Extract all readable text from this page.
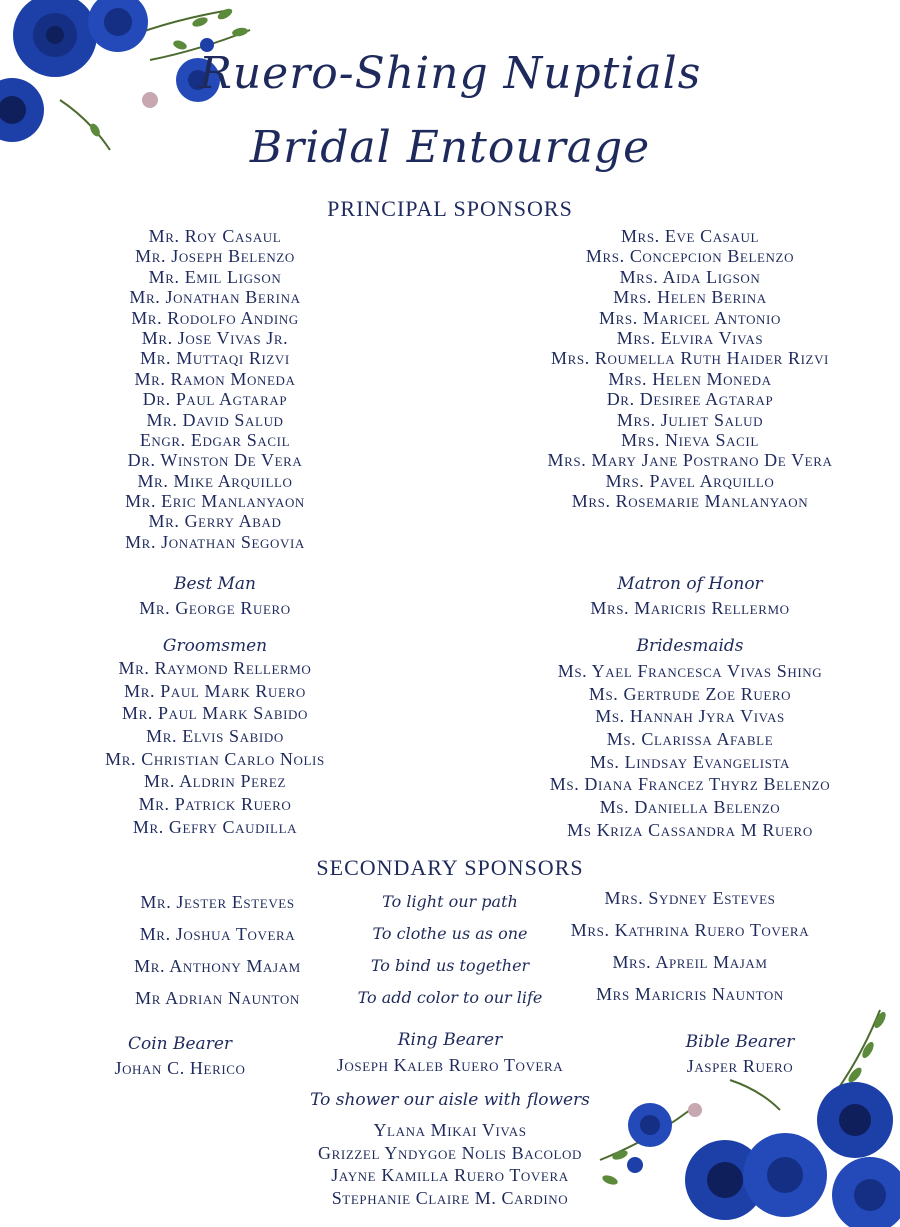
Ruero-Shing Nuptials
Bridal Entourage
PRINCIPAL SPONSORS
Mr. Roy Casaul
Mr. Joseph Belenzo
Mr. Emil Ligson
Mr. Jonathan Berina
Mr. Rodolfo Anding
Mr. Jose Vivas Jr.
Mr. Muttaqi Rizvi
Mr. Ramon Moneda
Dr. Paul Agtarap
Mr. David Salud
Engr. Edgar Sacil
Dr. Winston De Vera
Mr. Mike Arquillo
Mr. Eric Manlanyaon
Mr. Gerry Abad
Mr. Jonathan Segovia
Mrs. Eve Casaul
Mrs. Concepcion Belenzo
Mrs. Aida Ligson
Mrs. Helen Berina
Mrs. Maricel Antonio
Mrs. Elvira Vivas
Mrs. Roumella Ruth Haider Rizvi
Mrs. Helen Moneda
Dr. Desiree Agtarap
Mrs. Juliet Salud
Mrs. Nieva Sacil
Mrs. Mary Jane Postrano De Vera
Mrs. Pavel Arquillo
Mrs. Rosemarie Manlanyaon
Best Man
Mr. George Ruero
Matron of Honor
Mrs. Maricris Rellermo
Groomsmen
Mr. Raymond Rellermo
Mr. Paul Mark Ruero
Mr. Paul Mark Sabido
Mr. Elvis Sabido
Mr. Christian Carlo Nolis
Mr. Aldrin Perez
Mr. Patrick Ruero
Mr. Gefry Caudilla
Bridesmaids
Ms. Yael Francesca Vivas Shing
Ms. Gertrude Zoe Ruero
Ms. Hannah Jyra Vivas
Ms. Clarissa Afable
Ms. Lindsay Evangelista
Ms. Diana Francez Thyrz Belenzo
Ms. Daniella Belenzo
Ms Kriza Cassandra M Ruero
SECONDARY SPONSORS
Mr. Jester Esteves
Mr. Joshua Tovera
Mr. Anthony Majam
Mr Adrian Naunton
To light our path
To clothe us as one
To bind us together
To add color to our life
Mrs. Sydney Esteves
Mrs. Kathrina Ruero Tovera
Mrs. Apreil Majam
Mrs Maricris Naunton
Coin Bearer
Johan C. Herico
Ring Bearer
Joseph Kaleb Ruero Tovera
Bible Bearer
Jasper Ruero
To shower our aisle with flowers
Ylana Mikai Vivas
Grizzel Yndygoe Nolis Bacolod
Jayne Kamilla Ruero Tovera
Stephanie Claire M. Cardino
